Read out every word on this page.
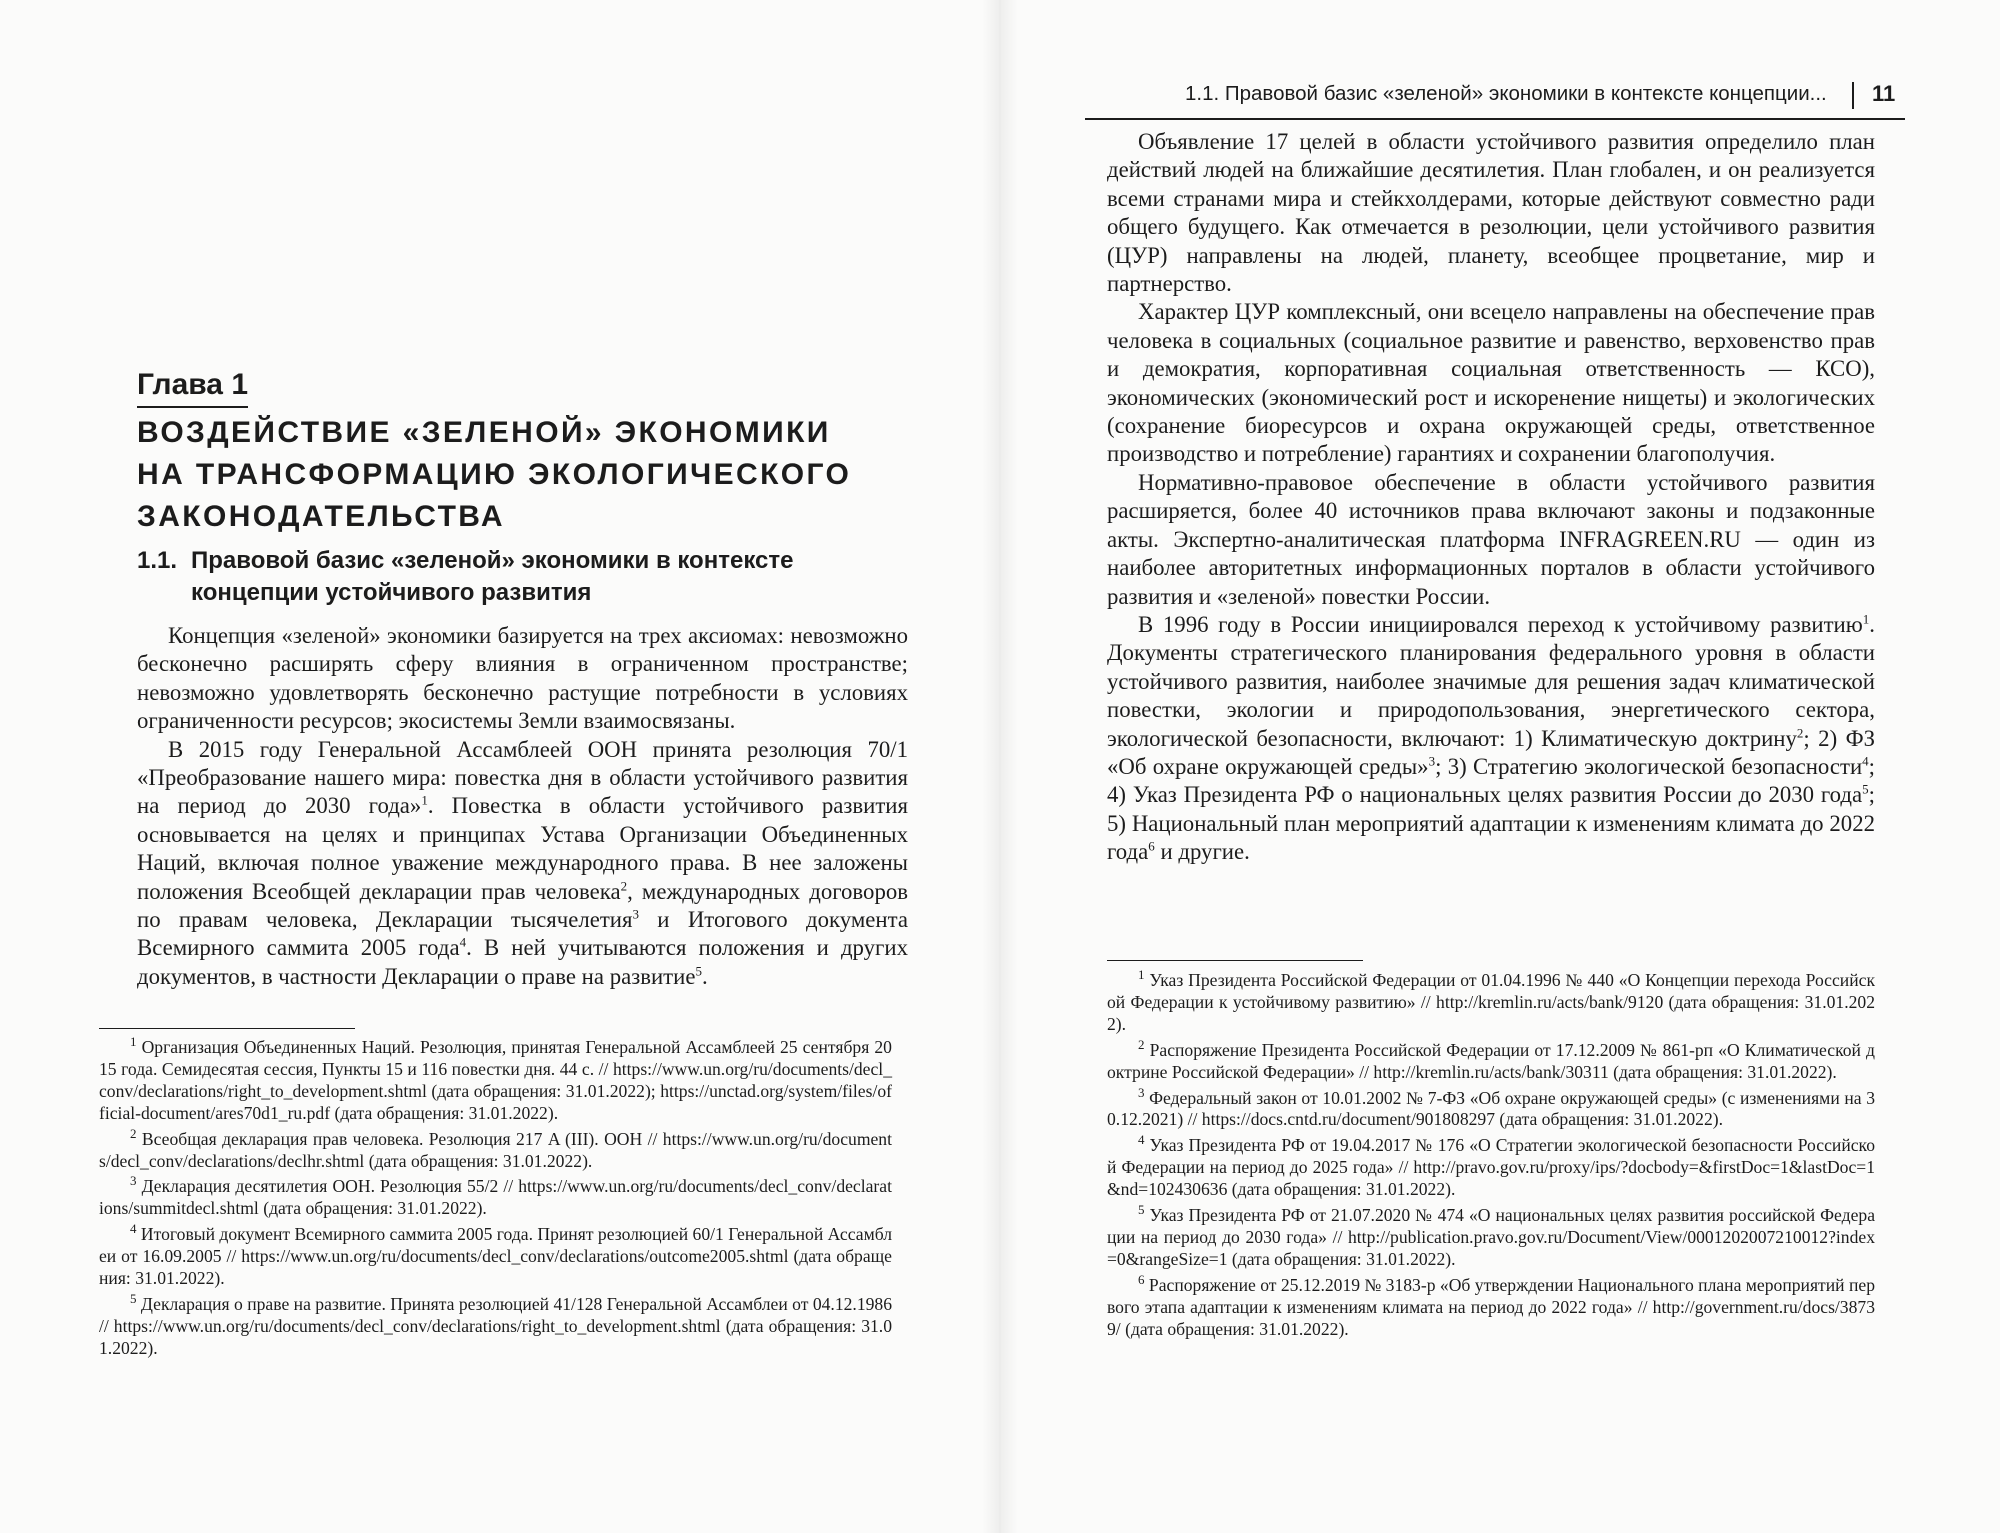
Глава 1
ВОЗДЕЙСТВИЕ «ЗЕЛЕНОЙ» ЭКОНОМИКИ
НА ТРАНСФОРМАЦИЮ ЭКОЛОГИЧЕСКОГО
ЗАКОНОДАТЕЛЬСТВА
1.1. Правовой базис «зеленой» экономики в контексте
концепции устойчивого развития

Концепция «зеленой» экономики базируется на трех аксиомах: невозможно бесконечно расширять сферу влияния в ограниченном пространстве; невозможно удовлетворять бесконечно растущие потребности в условиях ограниченности ресурсов; экосистемы Земли взаимосвязаны.

В 2015 году Генеральной Ассамблеей ООН принята резолюция 70/1 «Преобразование нашего мира: повестка дня в области устойчивого развития на период до 2030 года»$^1$. Повестка в области устойчивого развития основывается на целях и принципах Устава Организации Объединенных Наций, включая полное уважение международного права. В нее заложены положения Всеобщей декларации прав человека$^2$, международных договоров по правам человека, Декларации тысячелетия$^3$ и Итогового документа Всемирного саммита 2005 года$^4$. В ней учитываются положения и других документов, в частности Декларации о праве на развитие$^5$.

$^1$ Организация Объединенных Наций. Резолюция, принятая Генеральной Ассамблеей 25 сентября 2015 года. Семидесятая сессия, Пункты 15 и 116 повестки дня. 44 с. // https://www.un.org/ru/documents/decl_conv/declarations/right_to_development.shtml (дата обращения: 31.01.2022); https://unctad.org/system/files/official-document/ares70d1_ru.pdf (дата обращения: 31.01.2022).

$^2$ Всеобщая декларация прав человека. Резолюция 217 A (III). ООН // https://www.un.org/ru/documents/decl_conv/declarations/declhr.shtml (дата обращения: 31.01.2022).

$^3$ Декларация десятилетия ООН. Резолюция 55/2 // https://www.un.org/ru/documents/decl_conv/declarations/summitdecl.shtml (дата обращения: 31.01.2022).

$^4$ Итоговый документ Всемирного саммита 2005 года. Принят резолюцией 60/1 Генеральной Ассамблеи от 16.09.2005 // https://www.un.org/ru/documents/decl_conv/declarations/outcome2005.shtml (дата обращения: 31.01.2022).

$^5$ Декларация о праве на развитие. Принята резолюцией 41/128 Генеральной Ассамблеи от 04.12.1986 // https://www.un.org/ru/documents/decl_conv/declarations/right_to_development.shtml (дата обращения: 31.01.2022).

1.1. Правовой базис «зеленой» экономики в контексте концепции... 11

Объявление 17 целей в области устойчивого развития определило план действий людей на ближайшие десятилетия. План глобален, и он реализуется всеми странами мира и стейкхолдерами, которые действуют совместно ради общего будущего. Как отмечается в резолюции, цели устойчивого развития (ЦУР) направлены на людей, планету, всеобщее процветание, мир и партнерство.

Характер ЦУР комплексный, они всецело направлены на обеспечение прав человека в социальных (социальное развитие и равенство, верховенство прав и демократия, корпоративная социальная ответственность — КСО), экономических (экономический рост и искоренение нищеты) и экологических (сохранение биоресурсов и охрана окружающей среды, ответственное производство и потребление) гарантиях и сохранении благополучия.

Нормативно-правовое обеспечение в области устойчивого развития расширяется, более 40 источников права включают законы и подзаконные акты. Экспертно-аналитическая платформа INFRAGREEN.RU — один из наиболее авторитетных информационных порталов в области устойчивого развития и «зеленой» повестки России.

В 1996 году в России инициировался переход к устойчивому развитию$^1$. Документы стратегического планирования федерального уровня в области устойчивого развития, наиболее значимые для решения задач климатической повестки, экологии и природопользования, энергетического сектора, экологической безопасности, включают: 1) Климатическую доктрину$^2$; 2) ФЗ «Об охране окружающей среды»$^3$; 3) Стратегию экологической безопасности$^4$; 4) Указ Президента РФ о национальных целях развития России до 2030 года$^5$; 5) Национальный план мероприятий адаптации к изменениям климата до 2022 года$^6$ и другие.

$^1$ Указ Президента Российской Федерации от 01.04.1996 № 440 «О Концепции перехода Российской Федерации к устойчивому развитию» // http://kremlin.ru/acts/bank/9120 (дата обращения: 31.01.2022).

$^2$ Распоряжение Президента Российской Федерации от 17.12.2009 № 861-рп «О Климатической доктрине Российской Федерации» // http://kremlin.ru/acts/bank/30311 (дата обращения: 31.01.2022).

$^3$ Федеральный закон от 10.01.2002 № 7-ФЗ «Об охране окружающей среды» (с изменениями на 30.12.2021) // https://docs.cntd.ru/document/901808297 (дата обращения: 31.01.2022).

$^4$ Указ Президента РФ от 19.04.2017 № 176 «О Стратегии экологической безопасности Российской Федерации на период до 2025 года» // http://pravo.gov.ru/proxy/ips/?docbody=&firstDoc=1&lastDoc=1&nd=102430636 (дата обращения: 31.01.2022).

$^5$ Указ Президента РФ от 21.07.2020 № 474 «О национальных целях развития российской Федерации на период до 2030 года» // http://publication.pravo.gov.ru/Document/View/0001202007210012?index=0&rangeSize=1 (дата обращения: 31.01.2022).

$^6$ Распоряжение от 25.12.2019 № 3183-р «Об утверждении Национального плана мероприятий первого этапа адаптации к изменениям климата на период до 2022 года» // http://government.ru/docs/38739/ (дата обращения: 31.01.2022).
